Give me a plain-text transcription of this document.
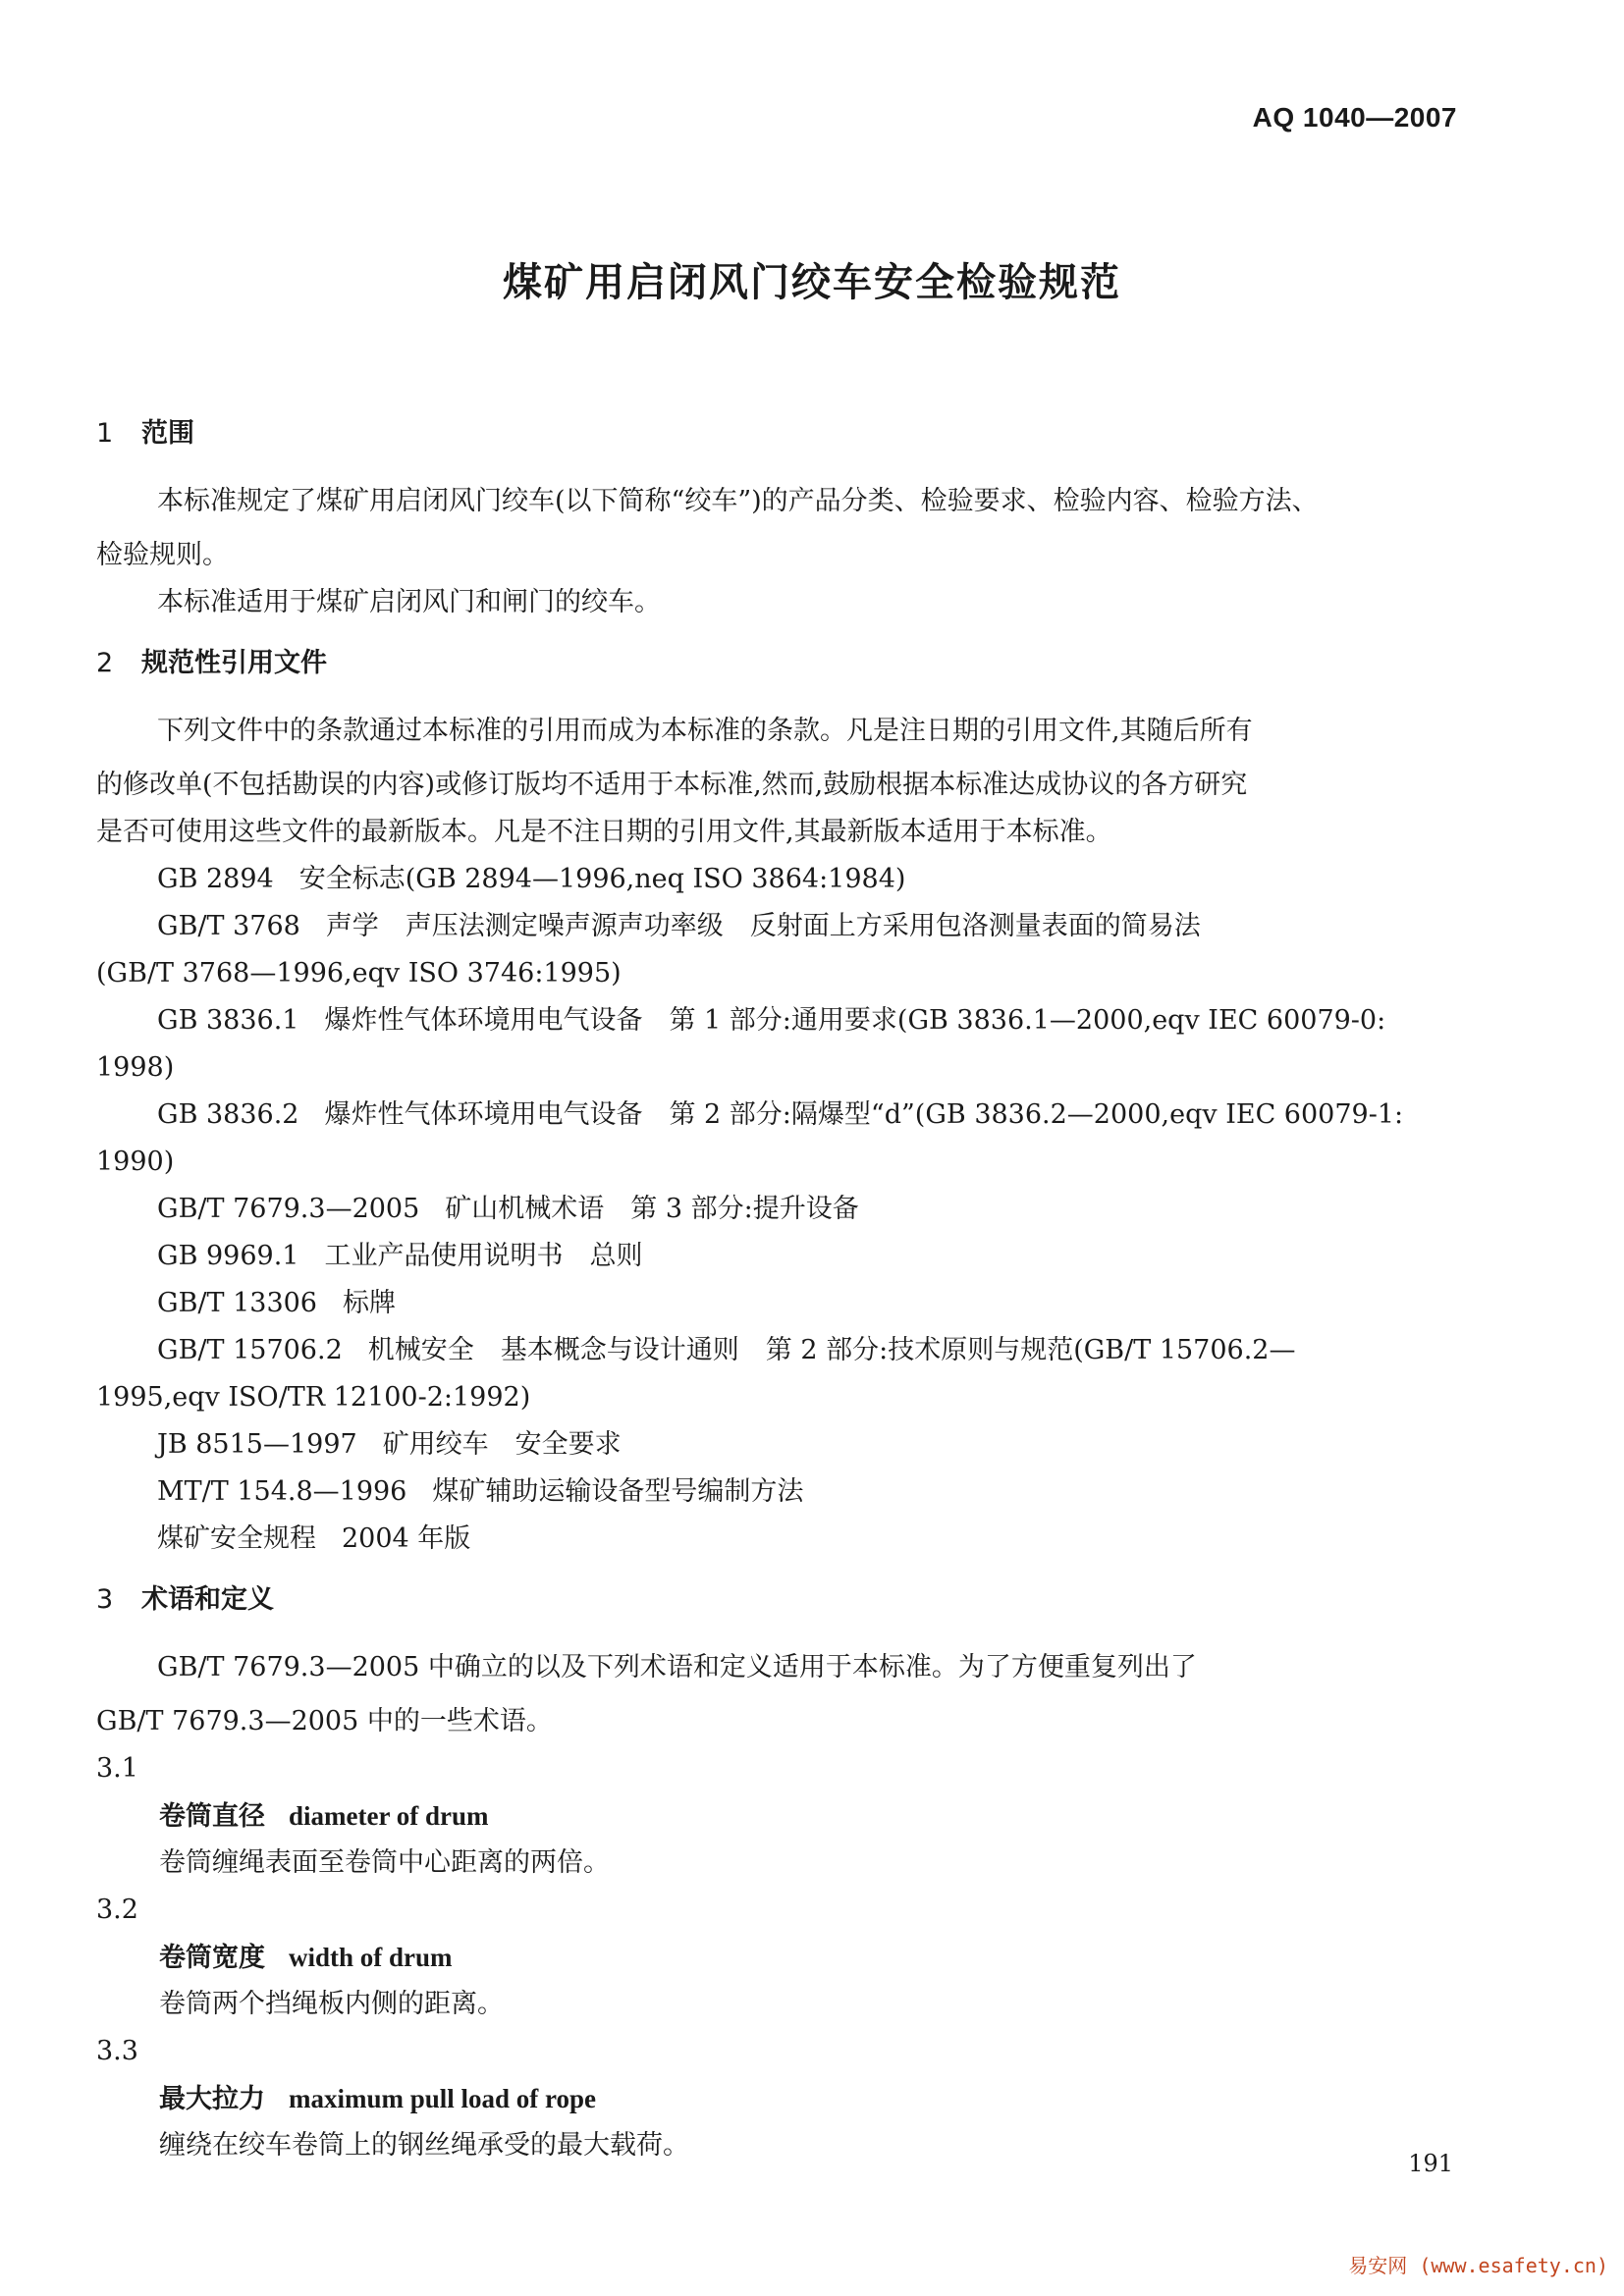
AQ 1040—2007
煤矿用启闭风门绞车安全检验规范
1 范围
本标准规定了煤矿用启闭风门绞车(以下简称“绞车”)的产品分类、检验要求、检验内容、检验方法、
检验规则。
本标准适用于煤矿启闭风门和闸门的绞车。
2 规范性引用文件
下列文件中的条款通过本标准的引用而成为本标准的条款。凡是注日期的引用文件,其随后所有
的修改单(不包括勘误的内容)或修订版均不适用于本标准,然而,鼓励根据本标准达成协议的各方研究
是否可使用这些文件的最新版本。凡是不注日期的引用文件,其最新版本适用于本标准。
GB 2894 安全标志(GB 2894—1996,neq ISO 3864:1984)
GB/T 3768 声学　声压法测定噪声源声功率级　反射面上方采用包洛测量表面的简易法
(GB/T 3768—1996,eqv ISO 3746:1995)
GB 3836.1 爆炸性气体环境用电气设备　第 1 部分:通用要求(GB 3836.1—2000,eqv IEC 60079-0:
1998)
GB 3836.2 爆炸性气体环境用电气设备　第 2 部分:隔爆型“d”(GB 3836.2—2000,eqv IEC 60079-1:
1990)
GB/T 7679.3—2005 矿山机械术语　第 3 部分:提升设备
GB 9969.1 工业产品使用说明书　总则
GB/T 13306 标牌
GB/T 15706.2 机械安全　基本概念与设计通则　第 2 部分:技术原则与规范(GB/T 15706.2—
1995,eqv ISO/TR 12100-2:1992)
JB 8515—1997 矿用绞车　安全要求
MT/T 154.8—1996 煤矿辅助运输设备型号编制方法
煤矿安全规程 2004 年版
3 术语和定义
GB/T 7679.3—2005 中确立的以及下列术语和定义适用于本标准。为了方便重复列出了
GB/T 7679.3—2005 中的一些术语。
3.1
卷筒直径 diameter of drum
卷筒缠绳表面至卷筒中心距离的两倍。
3.2
卷筒宽度 width of drum
卷筒两个挡绳板内侧的距离。
3.3
最大拉力 maximum pull load of rope
缠绕在绞车卷筒上的钢丝绳承受的最大载荷。
191
易安网 (www.esafety.cn)
